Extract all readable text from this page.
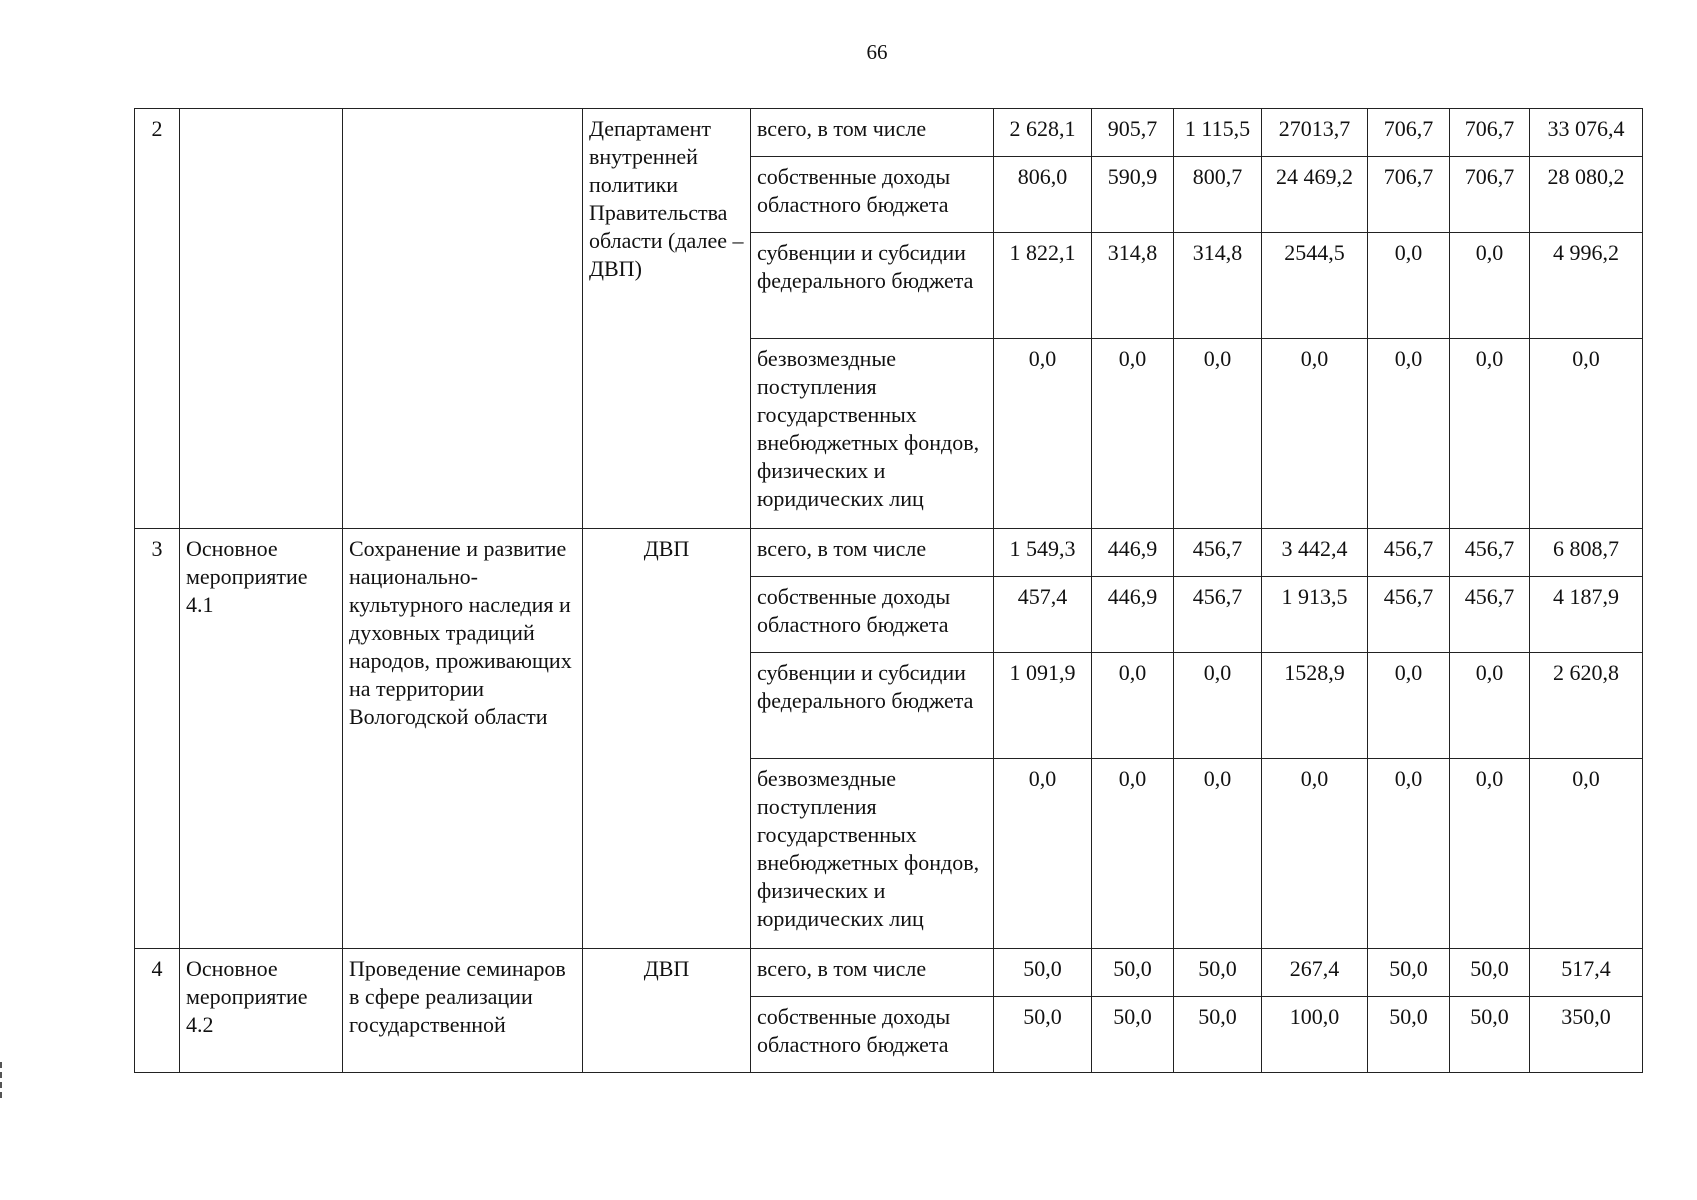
66
2			Департамент внутренней политики Правительства области (далее – ДВП)	всего, в том числе	2 628,1	905,7	1 115,5	27013,7	706,7	706,7	33 076,4
				собственные доходы областного бюджета	806,0	590,9	800,7	24 469,2	706,7	706,7	28 080,2
				субвенции и субсидии федерального бюджета	1 822,1	314,8	314,8	2544,5	0,0	0,0	4 996,2
				безвозмездные поступления государственных внебюджетных фондов, физических и юридических лиц	0,0	0,0	0,0	0,0	0,0	0,0	0,0
3	Основное мероприятие 4.1	Сохранение и развитие национально-культурного наследия и духовных традиций народов, проживающих на территории Вологодской области	ДВП	всего, в том числе	1 549,3	446,9	456,7	3 442,4	456,7	456,7	6 808,7
				собственные доходы областного бюджета	457,4	446,9	456,7	1 913,5	456,7	456,7	4 187,9
				субвенции и субсидии федерального бюджета	1 091,9	0,0	0,0	1528,9	0,0	0,0	2 620,8
				безвозмездные поступления государственных внебюджетных фондов, физических и юридических лиц	0,0	0,0	0,0	0,0	0,0	0,0	0,0
4	Основное мероприятие 4.2	Проведение семинаров в сфере реализации государственной	ДВП	всего, в том числе	50,0	50,0	50,0	267,4	50,0	50,0	517,4
				собственные доходы областного бюджета	50,0	50,0	50,0	100,0	50,0	50,0	350,0
